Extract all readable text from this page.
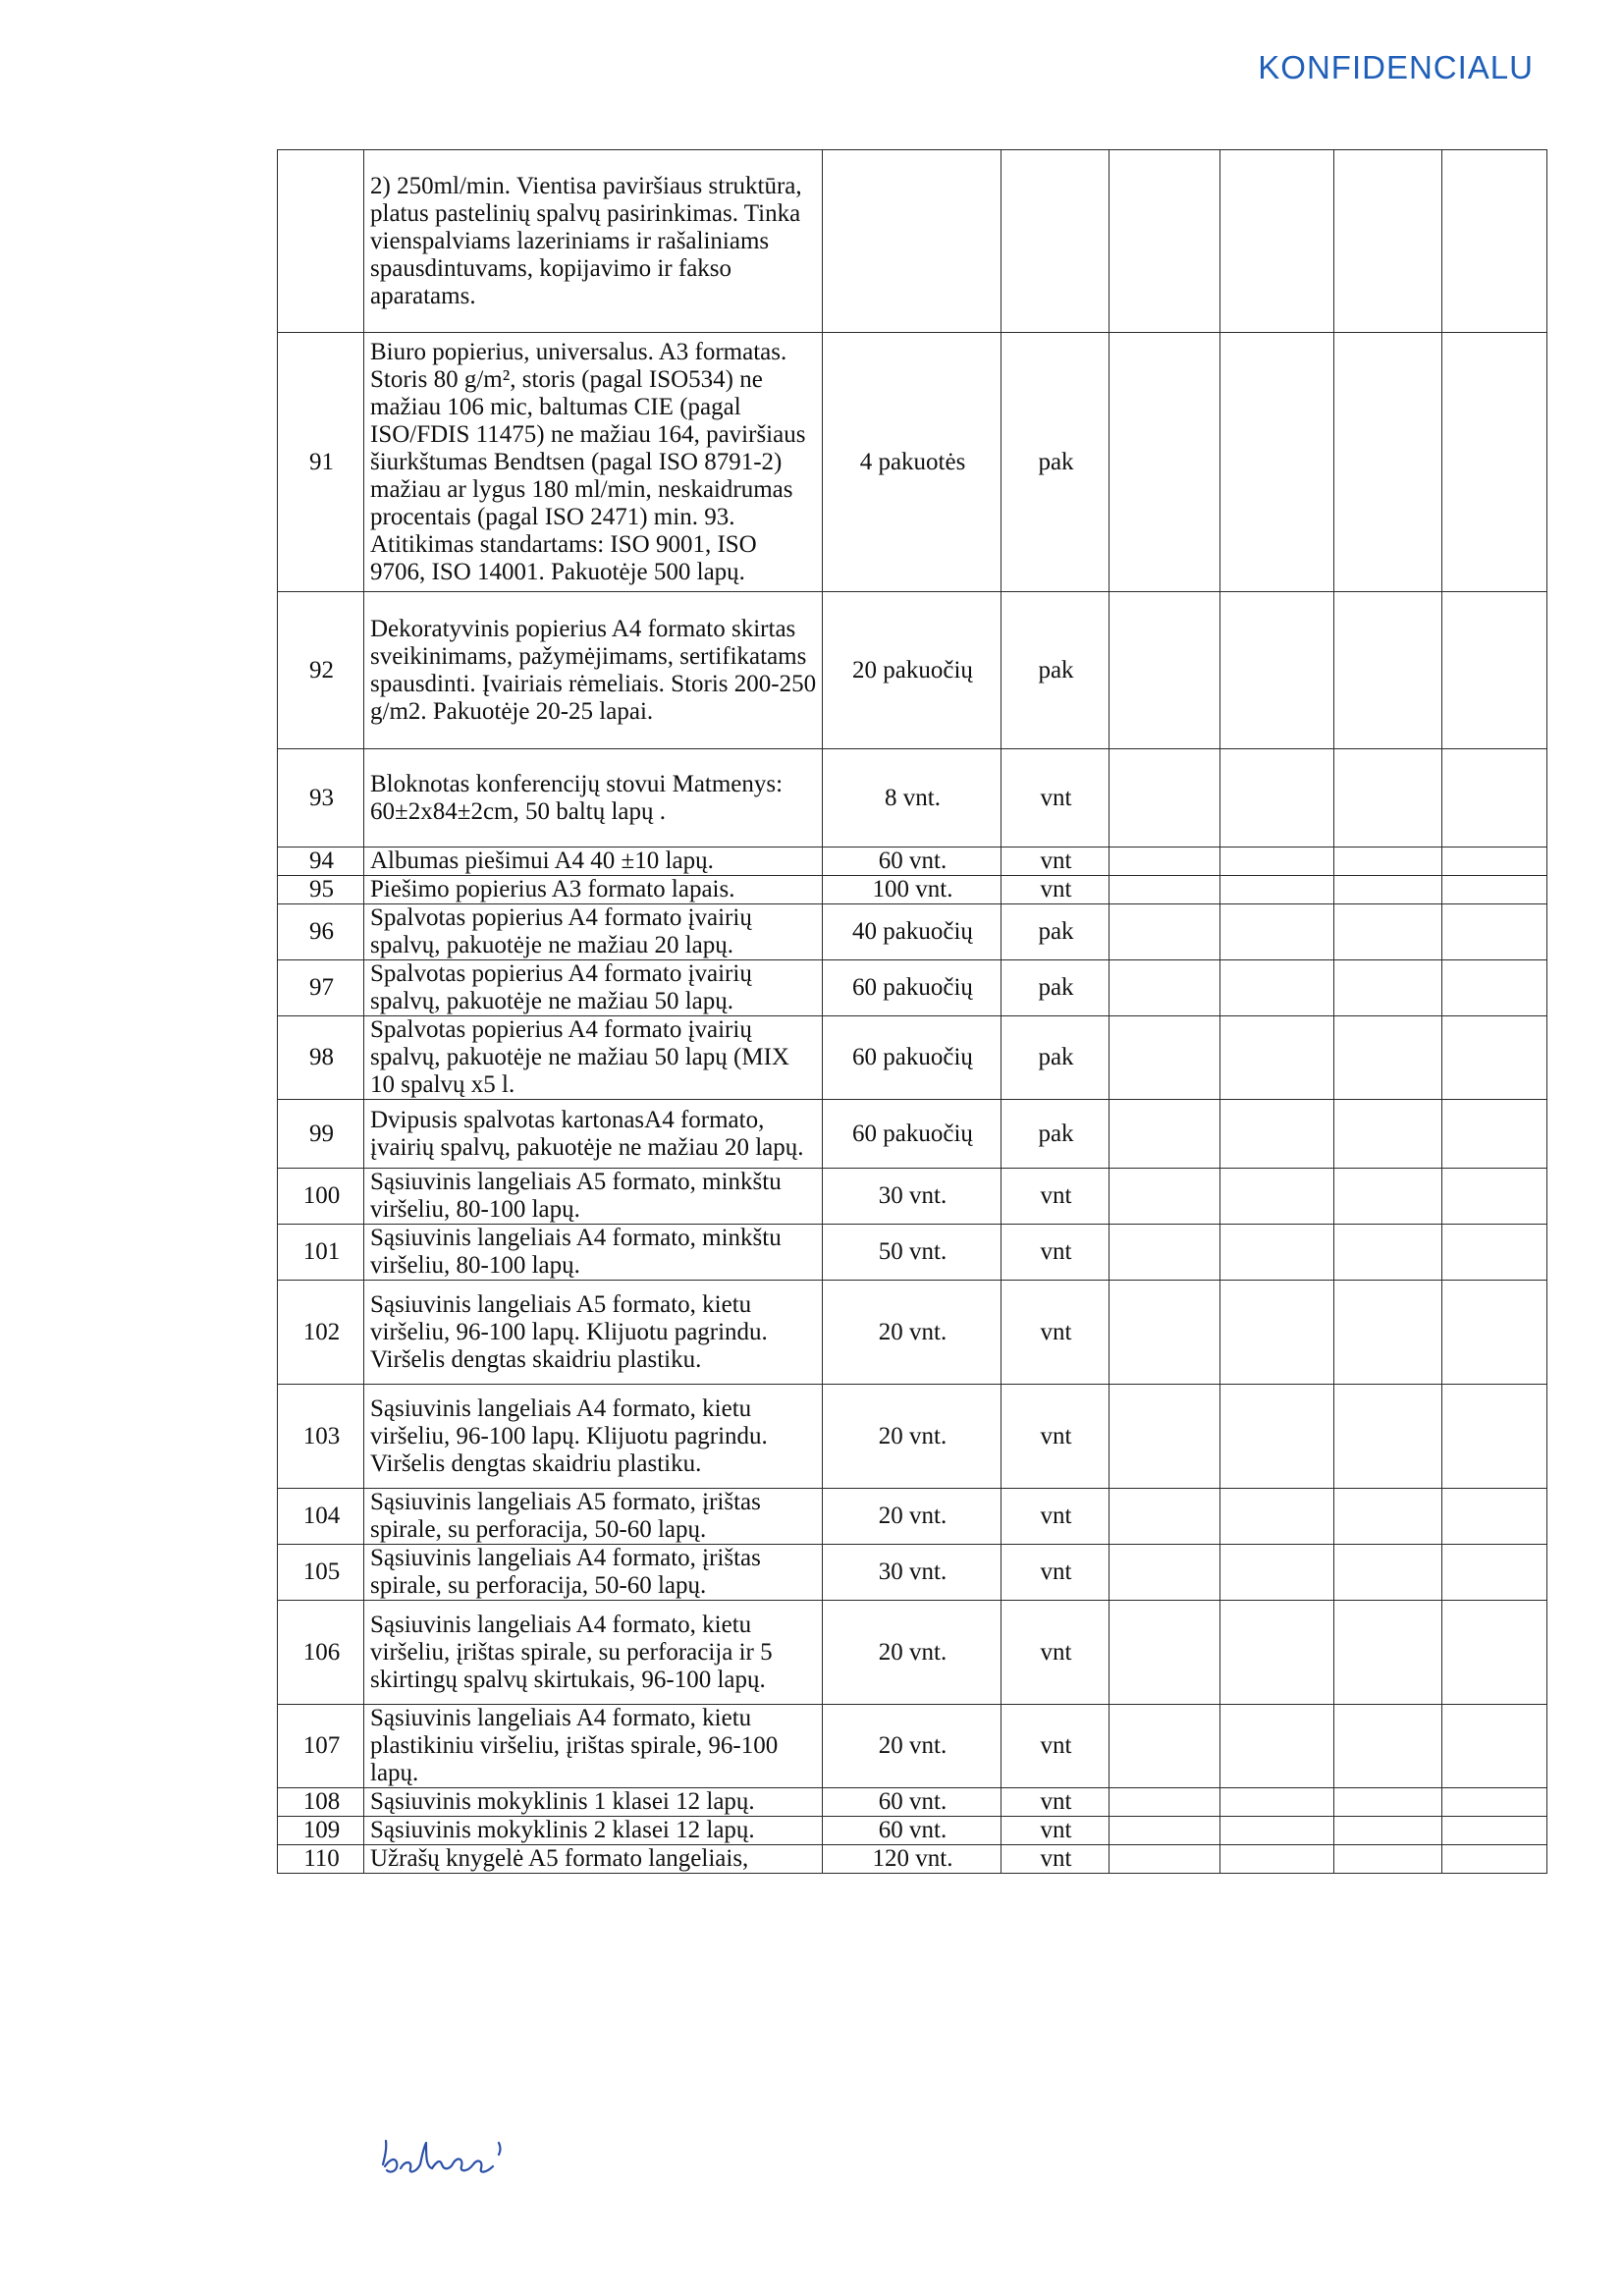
KONFIDENCIALU
	2) 250ml/min. Vientisa paviršiaus struktūra, platus pastelinių spalvų pasirinkimas. Tinka vienspalviams lazeriniams ir rašaliniams spausdintuvams, kopijavimo ir fakso aparatams.						
91	Biuro popierius, universalus. A3 formatas. Storis 80 g/m², storis (pagal ISO534) ne mažiau 106 mic, baltumas CIE (pagal ISO/FDIS 11475) ne mažiau 164, paviršiaus šiurkštumas Bendtsen (pagal ISO 8791-2) mažiau ar lygus 180 ml/min, neskaidrumas procentais (pagal ISO 2471) min. 93. Atitikimas standartams: ISO 9001, ISO 9706, ISO 14001. Pakuotėje 500 lapų.	4 pakuotės	pak				
92	Dekoratyvinis popierius A4 formato skirtas sveikinimams, pažymėjimams, sertifikatams spausdinti. Įvairiais rėmeliais. Storis 200-250 g/m2. Pakuotėje 20-25 lapai.	20 pakuočių	pak				
93	Bloknotas konferencijų stovui Matmenys: 60±2x84±2cm, 50 baltų lapų .	8 vnt.	vnt				
94	Albumas piešimui A4 40 ±10 lapų.	60 vnt.	vnt				
95	Piešimo popierius A3 formato lapais.	100 vnt.	vnt				
96	Spalvotas popierius A4 formato įvairių spalvų, pakuotėje ne mažiau 20 lapų.	40 pakuočių	pak				
97	Spalvotas popierius A4 formato įvairių spalvų, pakuotėje ne mažiau 50 lapų.	60 pakuočių	pak				
98	Spalvotas popierius A4 formato įvairių spalvų, pakuotėje ne mažiau 50 lapų (MIX 10 spalvų x5 l.	60 pakuočių	pak				
99	Dvipusis spalvotas kartonasA4 formato, įvairių spalvų, pakuotėje ne mažiau 20 lapų.	60 pakuočių	pak				
100	Sąsiuvinis langeliais A5 formato, minkštu viršeliu, 80-100 lapų.	30 vnt.	vnt				
101	Sąsiuvinis langeliais A4 formato, minkštu viršeliu, 80-100 lapų.	50 vnt.	vnt				
102	Sąsiuvinis langeliais A5 formato, kietu viršeliu, 96-100 lapų. Klijuotu pagrindu. Viršelis dengtas skaidriu plastiku.	20 vnt.	vnt				
103	Sąsiuvinis langeliais A4 formato, kietu viršeliu, 96-100 lapų. Klijuotu pagrindu. Viršelis dengtas skaidriu plastiku.	20 vnt.	vnt				
104	Sąsiuvinis langeliais A5 formato, įrištas spirale, su perforacija, 50-60 lapų.	20 vnt.	vnt				
105	Sąsiuvinis langeliais A4 formato, įrištas spirale, su perforacija, 50-60 lapų.	30 vnt.	vnt				
106	Sąsiuvinis langeliais A4 formato, kietu viršeliu, įrištas spirale, su perforacija ir 5 skirtingų spalvų skirtukais, 96-100 lapų.	20 vnt.	vnt				
107	Sąsiuvinis langeliais A4 formato, kietu plastikiniu viršeliu, įrištas spirale, 96-100 lapų.	20 vnt.	vnt				
108	Sąsiuvinis mokyklinis 1 klasei 12 lapų.	60 vnt.	vnt				
109	Sąsiuvinis mokyklinis 2 klasei 12 lapų.	60 vnt.	vnt				
110	Užrašų knygelė A5 formato langeliais,	120 vnt.	vnt				
